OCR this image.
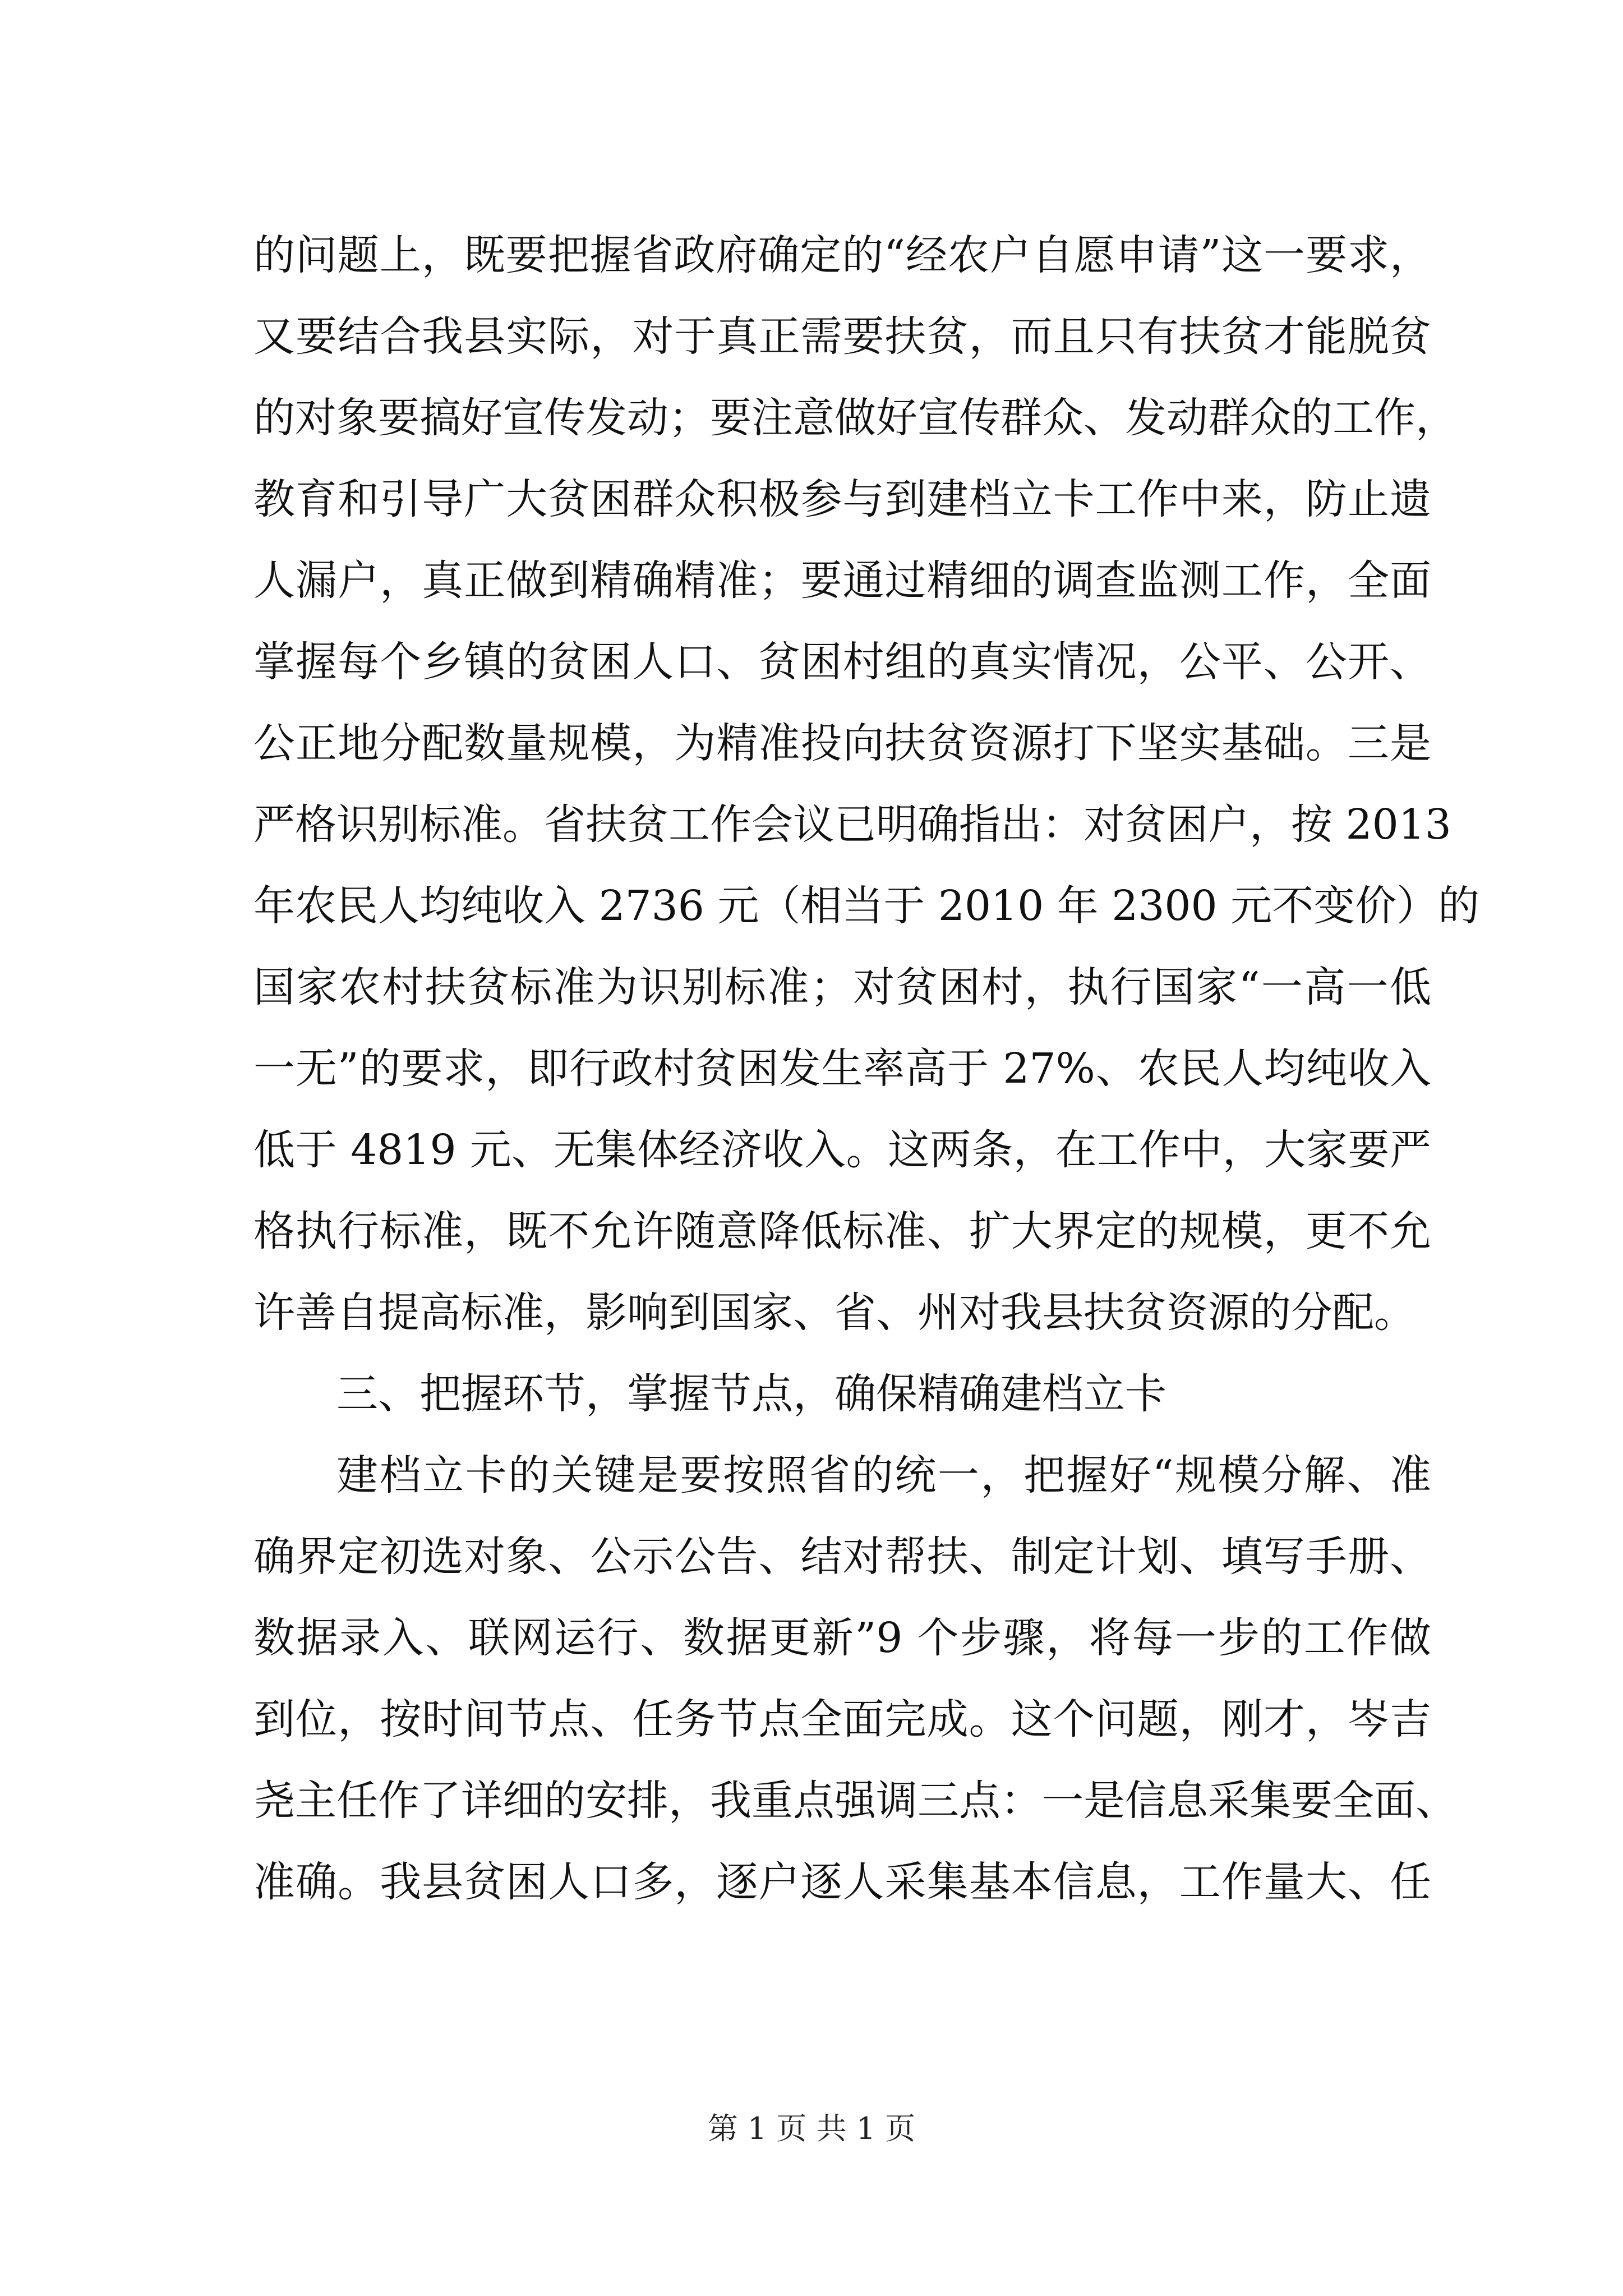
的问题上，既要把握省政府确定的“经农户自愿申请”这一要求，
又要结合我县实际，对于真正需要扶贫，而且只有扶贫才能脱贫
的对象要搞好宣传发动；要注意做好宣传群众、发动群众的工作，
教育和引导广大贫困群众积极参与到建档立卡工作中来，防止遗
人漏户，真正做到精确精准；要通过精细的调查监测工作，全面
掌握每个乡镇的贫困人口、贫困村组的真实情况，公平、公开、
公正地分配数量规模，为精准投向扶贫资源打下坚实基础。三是
严格识别标准。省扶贫工作会议已明确指出：对贫困户，按 2013
年农民人均纯收入 2736 元（相当于 2010 年 2300 元不变价）的
国家农村扶贫标准为识别标准；对贫困村，执行国家“一高一低
一无”的要求，即行政村贫困发生率高于 27%、农民人均纯收入
低于 4819 元、无集体经济收入。这两条，在工作中，大家要严
格执行标准，既不允许随意降低标准、扩大界定的规模，更不允
许善自提高标准，影响到国家、省、州对我县扶贫资源的分配。
三、把握环节，掌握节点，确保精确建档立卡
建档立卡的关键是要按照省的统一，把握好“规模分解、准
确界定初选对象、公示公告、结对帮扶、制定计划、填写手册、
数据录入、联网运行、数据更新”9 个步骤，将每一步的工作做
到位，按时间节点、任务节点全面完成。这个问题，刚才，岑吉
尧主任作了详细的安排，我重点强调三点：一是信息采集要全面、
准确。我县贫困人口多，逐户逐人采集基本信息，工作量大、任
第 1 页 共 1 页
